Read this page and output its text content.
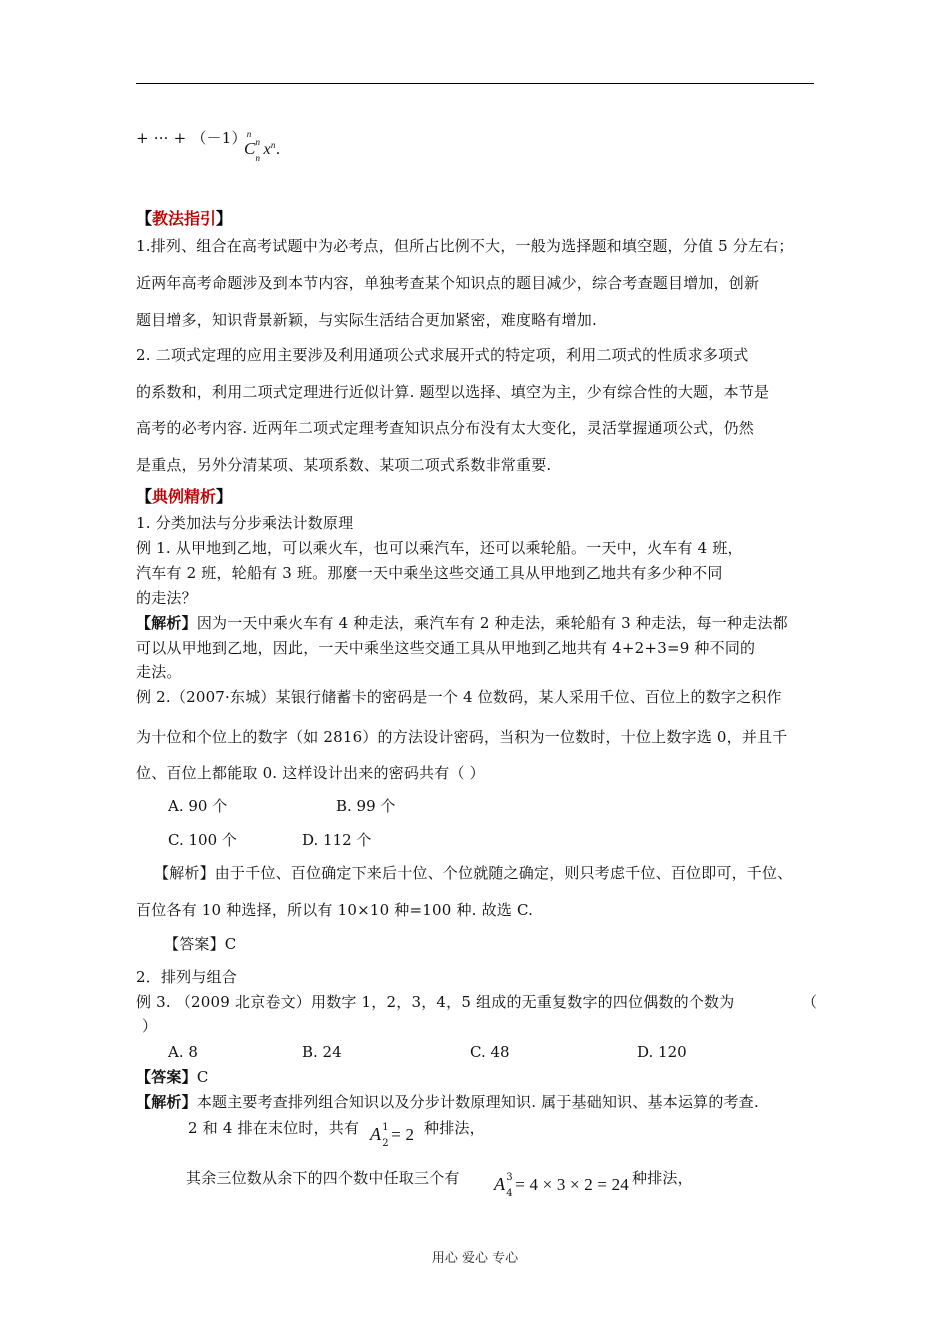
+ ··· + $(-1)^n$
C n
n $x^n$.
【教法指引】
1.排列、组合在高考试题中为必考点，但所占比例不大，一般为选择题和填空题，分值 5 分左右；
近两年高考命题涉及到本节内容，单独考查某个知识点的题目减少，综合考查题目增加，创新
题目增多，知识背景新颖，与实际生活结合更加紧密，难度略有增加.
2. 二项式定理的应用主要涉及利用通项公式求展开式的特定项，利用二项式的性质求多项式
的系数和，利用二项式定理进行近似计算. 题型以选择、填空为主，少有综合性的大题，本节是
高考的必考内容. 近两年二项式定理考查知识点分布没有太大变化，灵活掌握通项公式，仍然
是重点，另外分清某项、某项系数、某项二项式系数非常重要.
【典例精析】
1. 分类加法与分步乘法计数原理
例 1. 从甲地到乙地，可以乘火车，也可以乘汽车，还可以乘轮船。一天中，火车有 4 班，
汽车有 2 班，轮船有 3 班。那麼一天中乘坐这些交通工具从甲地到乙地共有多少种不同
的走法？
【解析】因为一天中乘火车有 4 种走法，乘汽车有 2 种走法，乘轮船有 3 种走法，每一种走法都
可以从甲地到乙地，因此，一天中乘坐这些交通工具从甲地到乙地共有 4+2+3=9 种不同的
走法。
例 2.（2007·东城）某银行储蓄卡的密码是一个 4 位数码，某人采用千位、百位上的数字之积作
为十位和个位上的数字（如 2816）的方法设计密码，当积为一位数时，十位上数字选 0，并且千
位、百位上都能取 0. 这样设计出来的密码共有（ ）
A. 90 个	B. 99 个
C. 100 个	D. 112 个
【解析】由于千位、百位确定下来后十位、个位就随之确定，则只考虑千位、百位即可，千位、
百位各有 10 种选择，所以有 10×10 种=100 种. 故选 C.
【答案】C
2．排列与组合
例 3. （2009 北京卷文）用数字 1，2，3，4，5 组成的无重复数字的四位偶数的个数为	（
）
A. 8	B. 24	C. 48	D. 120
【答案】C
【解析】本题主要考查排列组合知识以及分步计数原理知识. 属于基础知识、基本运算的考查.
2 和 4 排在末位时，共有 A 1
2 = 2 种排法，
其余三位数从余下的四个数中任取三个有 A 3
4 = 4 × 3 × 2 = 24 种排法，
用心 爱心 专心
